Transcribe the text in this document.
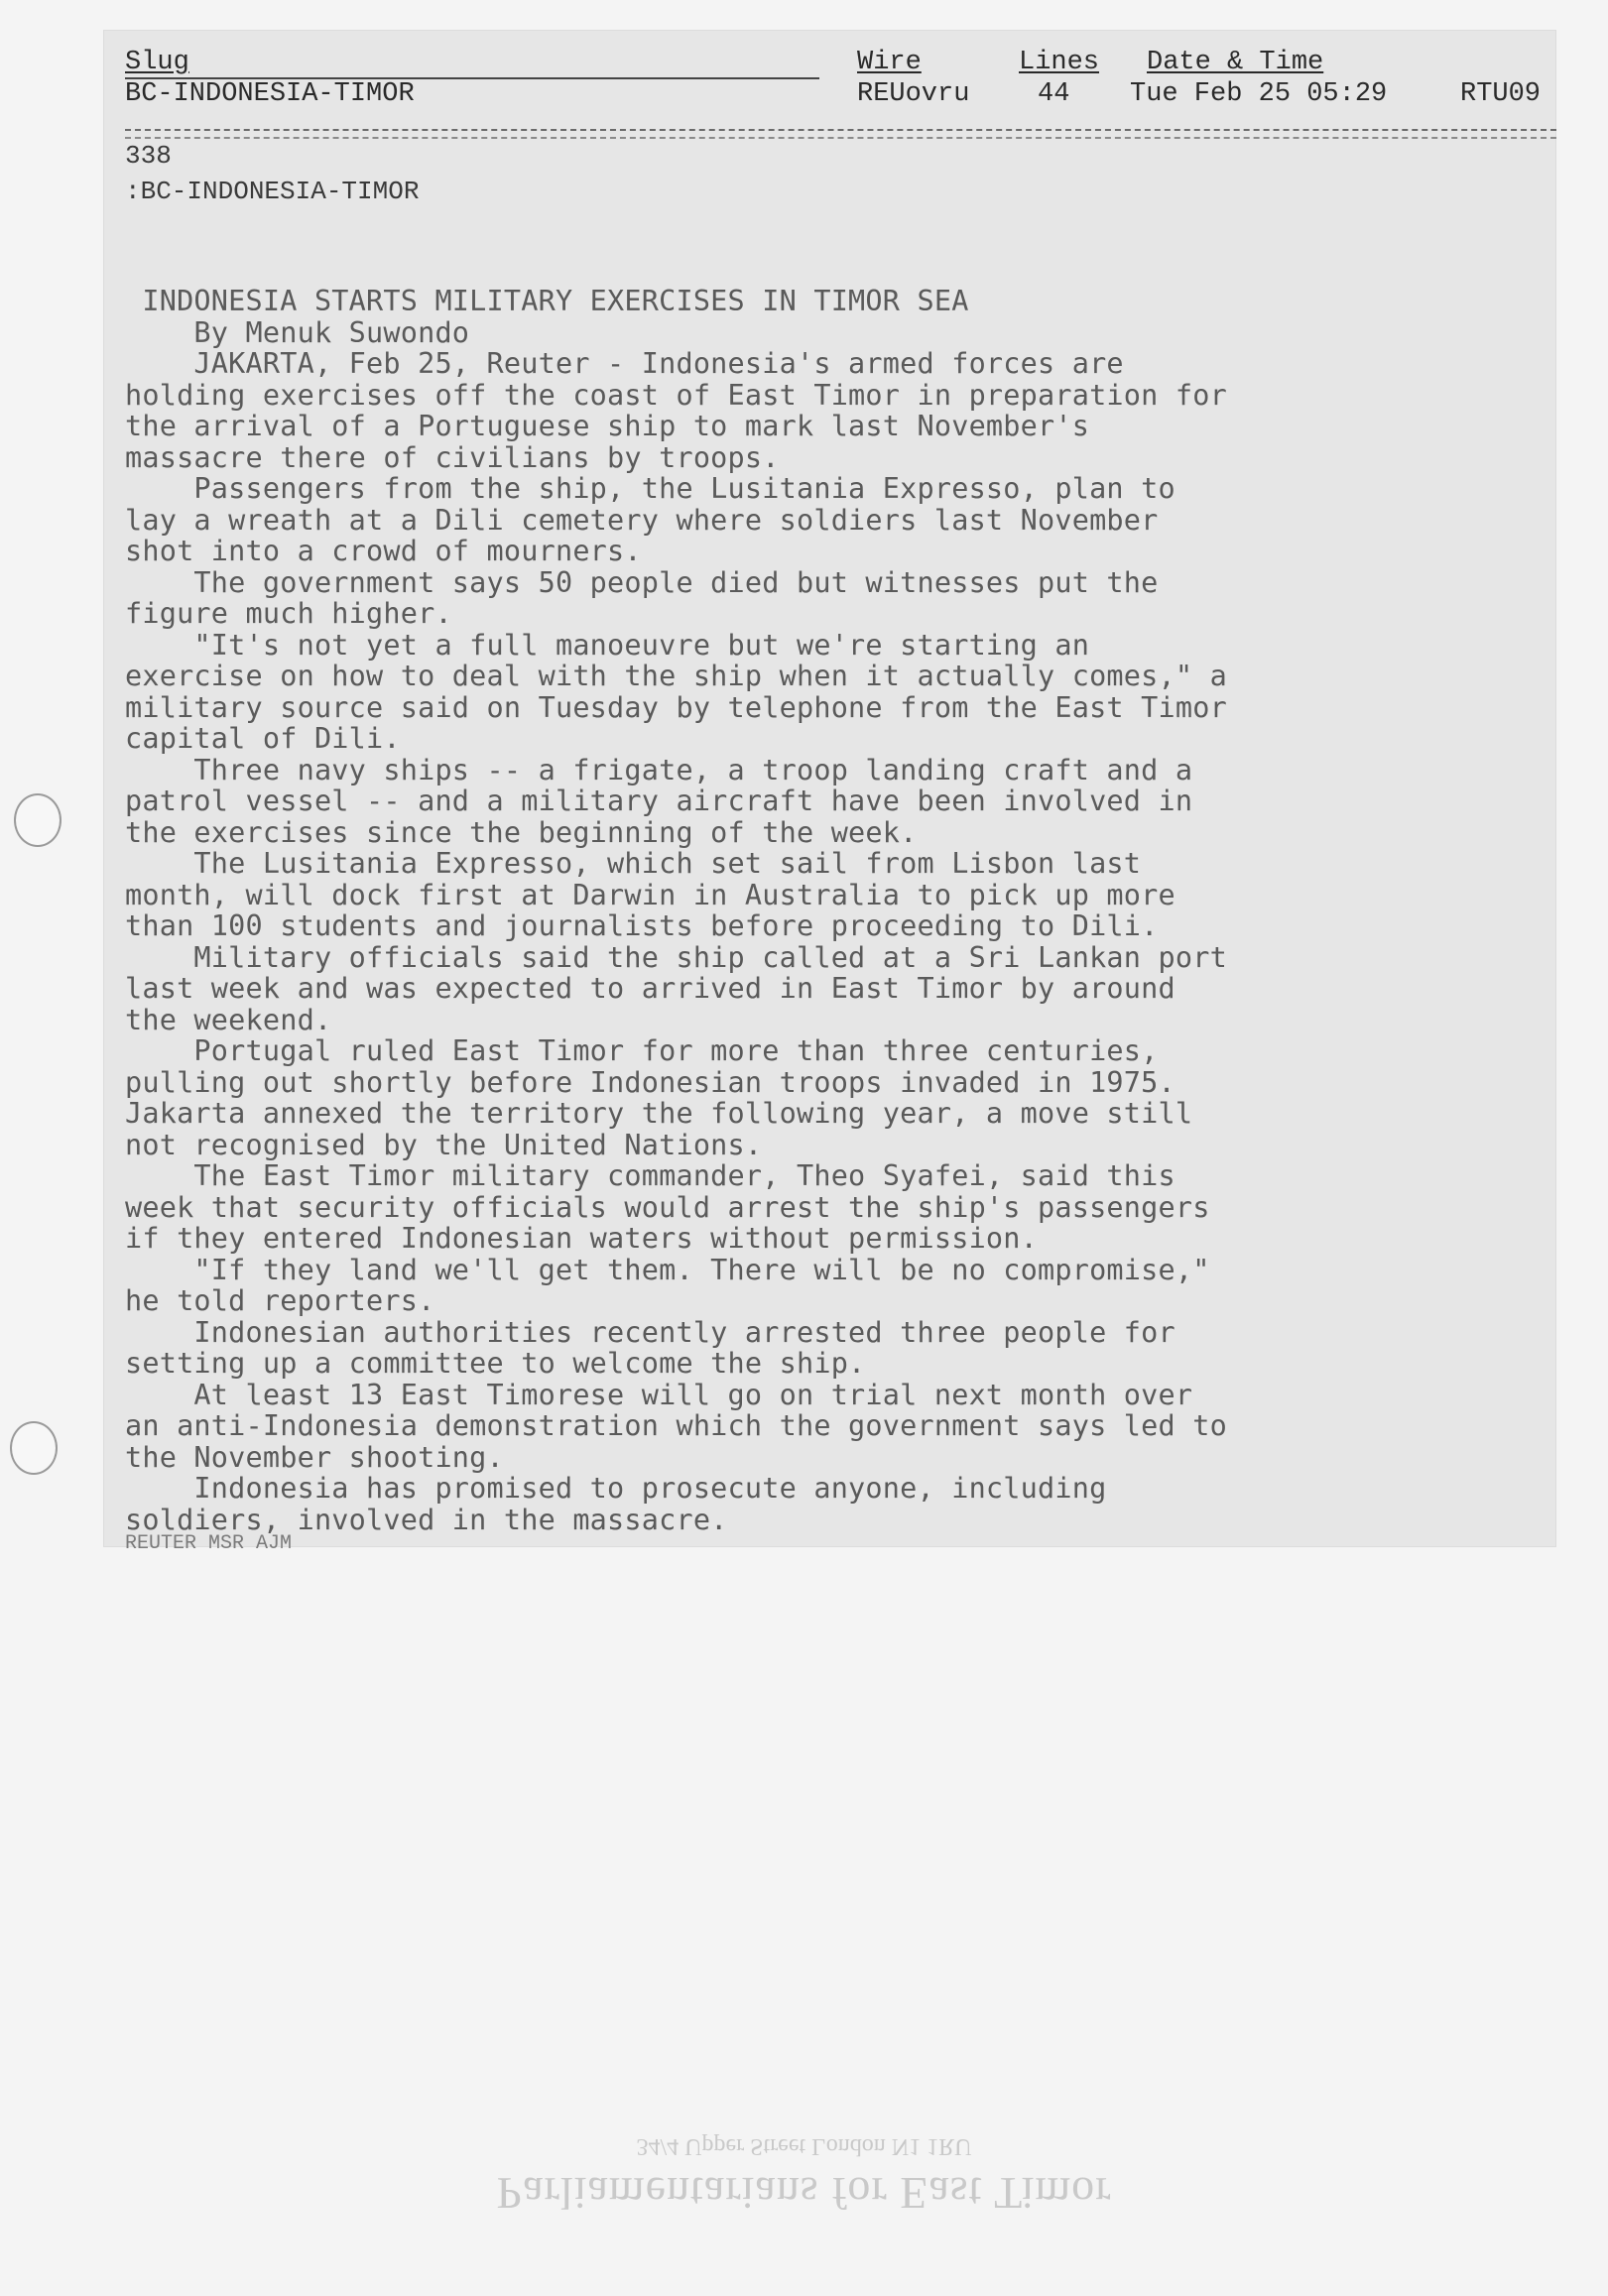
Slug	Wire	Lines Date & Time
BC-INDONESIA-TIMOR	REUovru	44 Tue Feb 25 05:29	RTU09
338
:BC-INDONESIA-TIMOR
INDONESIA STARTS MILITARY EXERCISES IN TIMOR SEA
By Menuk Suwondo
JAKARTA, Feb 25, Reuter - Indonesia's armed forces are
holding exercises off the coast of East Timor in preparation for
the arrival of a Portuguese ship to mark last November's
massacre there of civilians by troops.
Passengers from the ship, the Lusitania Expresso, plan to
lay a wreath at a Dili cemetery where soldiers last November
shot into a crowd of mourners.
The government says 50 people died but witnesses put the
figure much higher.
"It's not yet a full manoeuvre but we're starting an
exercise on how to deal with the ship when it actually comes," a
military source said on Tuesday by telephone from the East Timor
capital of Dili.
Three navy ships -- a frigate, a troop landing craft and a
patrol vessel -- and a military aircraft have been involved in
the exercises since the beginning of the week.
The Lusitania Expresso, which set sail from Lisbon last
month, will dock first at Darwin in Australia to pick up more
than 100 students and journalists before proceeding to Dili.
Military officials said the ship called at a Sri Lankan port
last week and was expected to arrived in East Timor by around
the weekend.
Portugal ruled East Timor for more than three centuries,
pulling out shortly before Indonesian troops invaded in 1975.
Jakarta annexed the territory the following year, a move still
not recognised by the United Nations.
The East Timor military commander, Theo Syafei, said this
week that security officials would arrest the ship's passengers
if they entered Indonesian waters without permission.
"If they land we'll get them. There will be no compromise,"
he told reporters.
Indonesian authorities recently arrested three people for
setting up a committee to welcome the ship.
At least 13 East Timorese will go on trial next month over
an anti-Indonesia demonstration which the government says led to
the November shooting.
Indonesia has promised to prosecute anyone, including
soldiers, involved in the massacre.
REUTER MSR AJM
34/4 Upper Street London N1 1RU
Parliamentarians for East Timor
